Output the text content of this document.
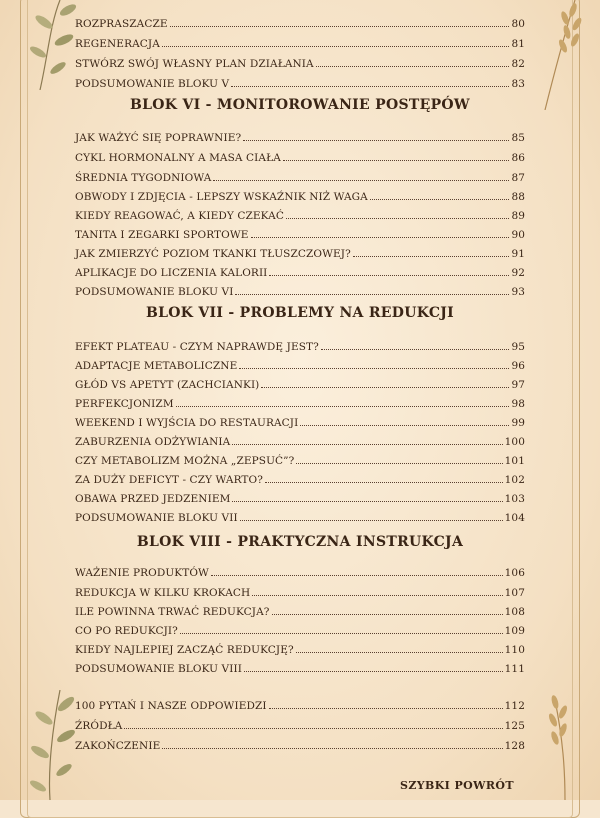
ROZPRASZACZE	80
REGENERACJA	81
STWÓRZ SWÓJ WŁASNY PLAN DZIAŁANIA	82
PODSUMOWANIE BLOKU V	83
BLOK VI - MONITOROWANIE POSTĘPÓW
JAK WAŻYĆ SIĘ POPRAWNIE?	85
CYKL HORMONALNY A MASA CIAŁA	86
ŚREDNIA TYGODNIOWA	87
OBWODY I ZDJĘCIA - LEPSZY WSKAŹNIK NIŻ WAGA	88
KIEDY REAGOWAĆ, A KIEDY CZEKAĆ	89
TANITA I ZEGARKI SPORTOWE	90
JAK ZMIERZYĆ POZIOM TKANKI TŁUSZCZOWEJ?	91
APLIKACJE DO LICZENIA KALORII	92
PODSUMOWANIE BLOKU VI	93
BLOK VII - PROBLEMY NA REDUKCJI
EFEKT PLATEAU - CZYM NAPRAWDĘ JEST?	95
ADAPTACJE METABOLICZNE	96
GŁÓD VS APETYT (ZACHCIANKI)	97
PERFEKCJONIZM	98
WEEKEND I WYJŚCIA DO RESTAURACJI	99
ZABURZENIA ODŻYWIANIA	100
CZY METABOLIZM MOŻNA „ZEPSUĆ”?	101
ZA DUŻY DEFICYT - CZY WARTO?	102
OBAWA PRZED JEDZENIEM	103
PODSUMOWANIE BLOKU VII	104
BLOK VIII - PRAKTYCZNA INSTRUKCJA
WAŻENIE PRODUKTÓW	106
REDUKCJA W KILKU KROKACH	107
ILE POWINNA TRWAĆ REDUKCJA?	108
CO PO REDUKCJI?	109
KIEDY NAJLEPIEJ ZACZĄĆ REDUKCJĘ?	110
PODSUMOWANIE BLOKU VIII	111
100 PYTAŃ I NASZE ODPOWIEDZI	112
ŹRÓDŁA	125
ZAKOŃCZENIE	128
SZYBKI POWRÓT
